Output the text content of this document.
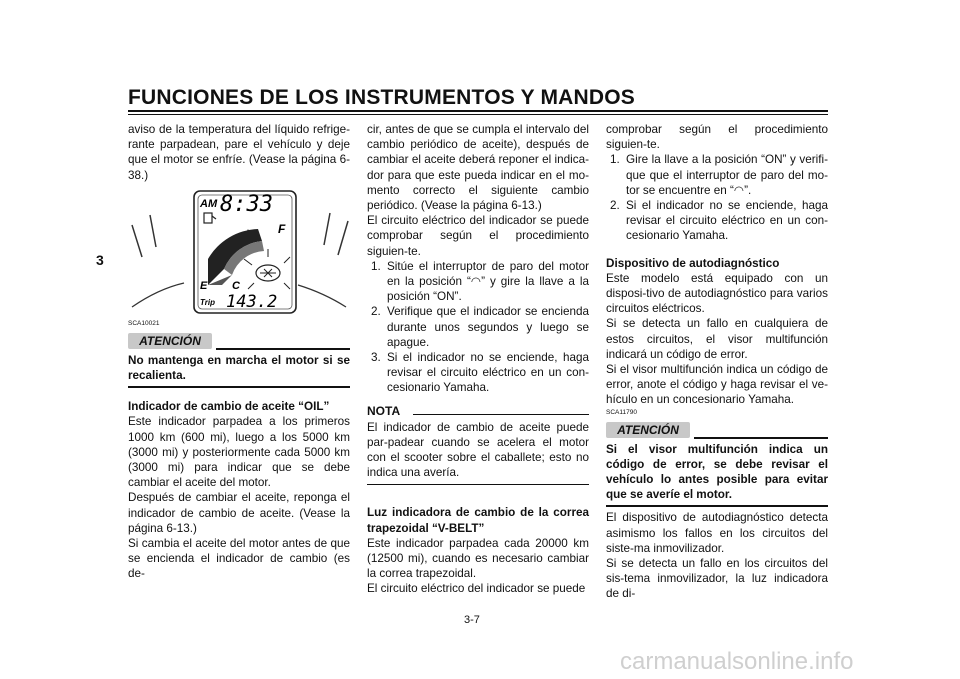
FUNCIONES DE LOS INSTRUMENTOS Y MANDOS
3

aviso de la temperatura del líquido refrige-rante parpadean, pare el vehículo y deje que el motor se enfríe. (Vease la página 6-38.)

AM 8:33
F
E C
Trip 143.2

SCA10021

ATENCIÓN

No mantenga en marcha el motor si se recalienta.

Indicador de cambio de aceite “OIL”

Este indicador parpadea a los primeros 1000 km (600 mi), luego a los 5000 km (3000 mi) y posteriormente cada 5000 km (3000 mi) para indicar que se debe cambiar el aceite del motor.

Después de cambiar el aceite, reponga el indicador de cambio de aceite. (Vease la página 6-13.)

Si cambia el aceite del motor antes de que se encienda el indicador de cambio (es de-

cir, antes de que se cumpla el intervalo del cambio periódico de aceite), después de cambiar el aceite deberá reponer el indica-dor para que este pueda indicar en el mo-mento correcto el siguiente cambio periódico. (Vease la página 6-13.)

El circuito eléctrico del indicador se puede comprobar según el procedimiento siguien-te.

1. Sitúe el interruptor de paro del motor en la posición “◠” y gire la llave a la posición “ON”.
2. Verifique que el indicador se encienda durante unos segundos y luego se apague.
3. Si el indicador no se enciende, haga revisar el circuito eléctrico en un con-cesionario Yamaha.
NOTA

El indicador de cambio de aceite puede par-padear cuando se acelera el motor con el scooter sobre el caballete; esto no indica una avería.

Luz indicadora de cambio de la correa trapezoidal “V-BELT”

Este indicador parpadea cada 20000 km (12500 mi), cuando es necesario cambiar la correa trapezoidal.

El circuito eléctrico del indicador se puede

comprobar según el procedimiento siguien-te.

1. Gire la llave a la posición “ON” y verifi-que que el interruptor de paro del mo-tor se encuentre en “◠”.
2. Si el indicador no se enciende, haga revisar el circuito eléctrico en un con-cesionario Yamaha.

Dispositivo de autodiagnóstico

Este modelo está equipado con un disposi-tivo de autodiagnóstico para varios circuitos eléctricos.

Si se detecta un fallo en cualquiera de estos circuitos, el visor multifunción indicará un código de error.

Si el visor multifunción indica un código de error, anote el código y haga revisar el ve-hículo en un concesionario Yamaha.

SCA11790

ATENCIÓN

Si el visor multifunción indica un código de error, se debe revisar el vehículo lo antes posible para evitar que se averíe el motor.

El dispositivo de autodiagnóstico detecta asimismo los fallos en los circuitos del siste-ma inmovilizador.

Si se detecta un fallo en los circuitos del sis-tema inmovilizador, la luz indicadora de di-

3-7
carmanualsonline.info
